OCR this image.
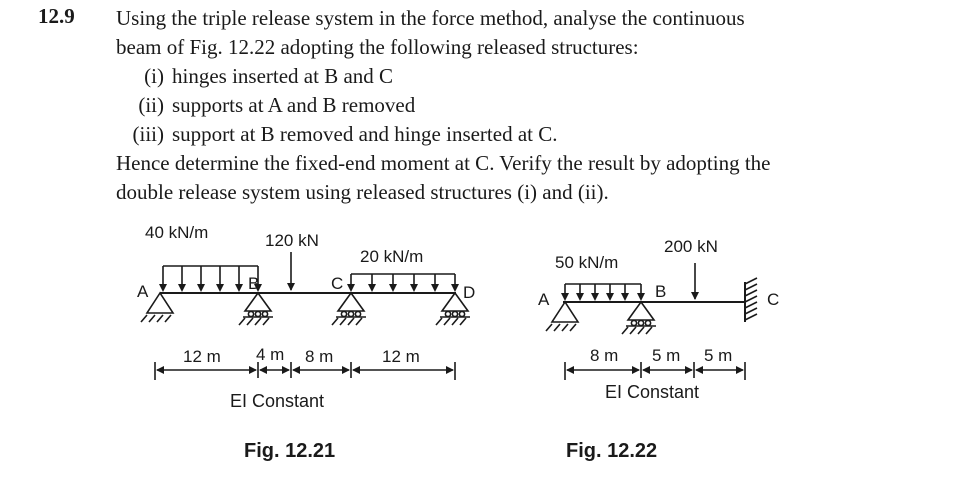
12.9 Using the triple release system in the force method, analyse the continuous
beam of Fig. 12.22 adopting the following released structures:
(i) hinges inserted at B and C
(ii) supports at A and B removed
(iii) support at B removed and hinge inserted at C.
Hence determine the fixed-end moment at C. Verify the result by adopting the
double release system using released structures (i) and (ii).
40 kN/m	120 kN
20 kN/m
A	B	C	D
12 m 4 m 8 m	12 m
EI Constant
50 kN/m
200 kN
A	B	C
8 m 5 m 5 m
EI Constant
Fig. 12.21	Fig. 12.22
